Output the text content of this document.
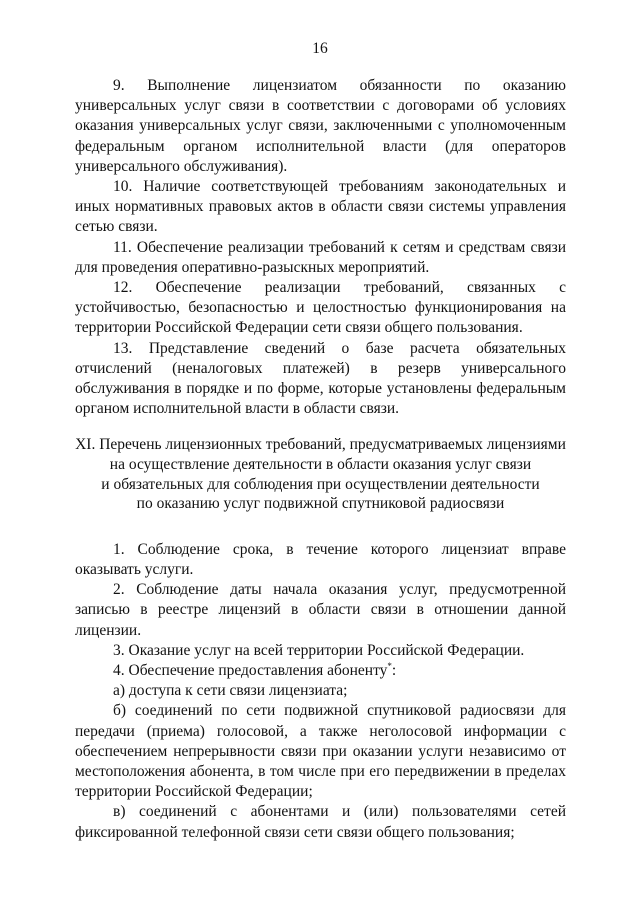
16

9. Выполнение лицензиатом обязанности по оказанию универсальных услуг связи в соответствии с договорами об условиях оказания универсальных услуг связи, заключенными с уполномоченным федеральным органом исполнительной власти (для операторов универсального обслуживания).

10. Наличие соответствующей требованиям законодательных и иных нормативных правовых актов в области связи системы управления сетью связи.

11. Обеспечение реализации требований к сетям и средствам связи для проведения оперативно-разыскных мероприятий.

12. Обеспечение реализации требований, связанных с устойчивостью, безопасностью и целостностью функционирования на территории Российской Федерации сети связи общего пользования.

13. Представление сведений о базе расчета обязательных отчислений (неналоговых платежей) в резерв универсального обслуживания в порядке и по форме, которые установлены федеральным органом исполнительной власти в области связи.

XI. Перечень лицензионных требований, предусматриваемых лицензиями
на осуществление деятельности в области оказания услуг связи
и обязательных для соблюдения при осуществлении деятельности
по оказанию услуг подвижной спутниковой радиосвязи

1. Соблюдение срока, в течение которого лицензиат вправе оказывать услуги.

2. Соблюдение даты начала оказания услуг, предусмотренной записью в реестре лицензий в области связи в отношении данной лицензии.

3. Оказание услуг на всей территории Российской Федерации.

4. Обеспечение предоставления абоненту*:

а) доступа к сети связи лицензиата;

б) соединений по сети подвижной спутниковой радиосвязи для передачи (приема) голосовой, а также неголосовой информации с обеспечением непрерывности связи при оказании услуги независимо от местоположения абонента, в том числе при его передвижении в пределах территории Российской Федерации;

в) соединений с абонентами и (или) пользователями сетей фиксированной телефонной связи сети связи общего пользования;
